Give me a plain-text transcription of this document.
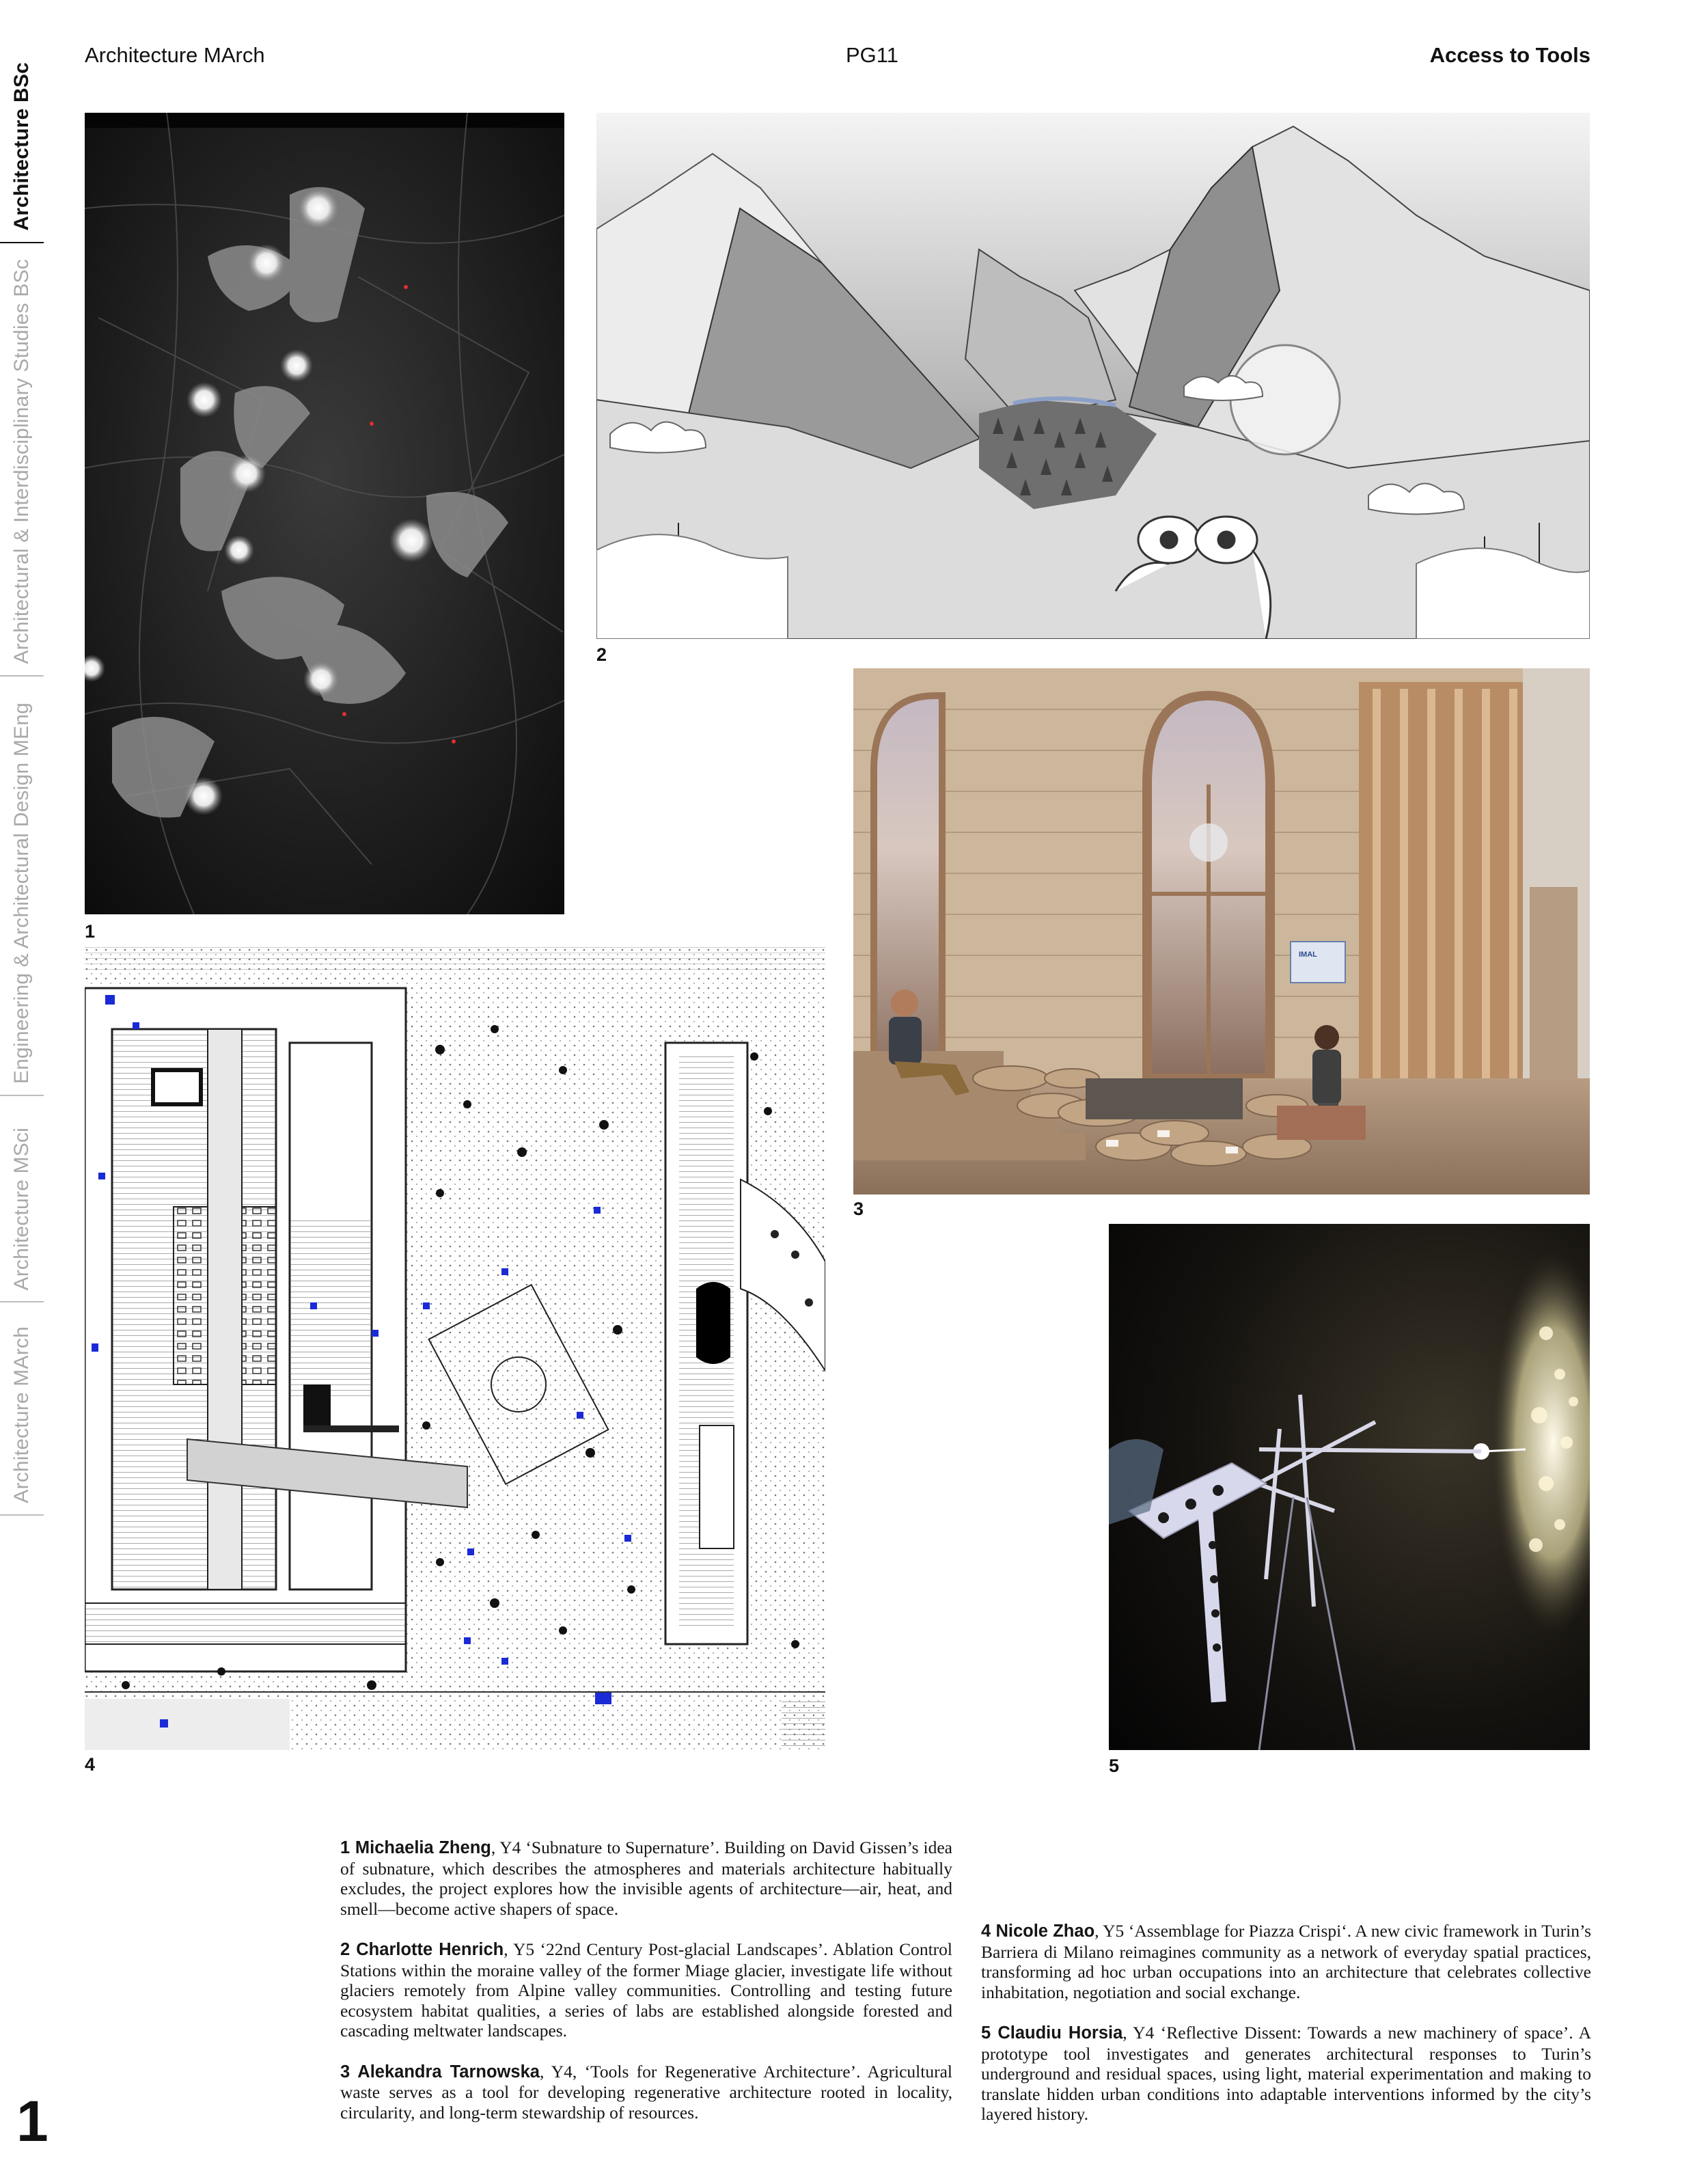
Architecture MArch	PG11	Access to Tools
Architecture BSc
Architectural & Interdisciplinary Studies BSc
Engineering & Architectural Design MEng
Architecture MSci
Architecture MArch
1
2
IMAL
3
4	5

1 Michaelia Zheng, Y4 ‘Subnature to Supernature’. Building on David Gissen’s idea of subnature, which describes the atmospheres and materials architecture habitually excludes, the project explores how the invisible agents of architecture—air, heat, and smell—become active shapers of space.

2 Charlotte Henrich, Y5 ‘22nd Century Post-glacial Landscapes’. Ablation Control Stations within the moraine valley of the former Miage glacier, investigate life without glaciers remotely from Alpine valley communities. Controlling and testing future ecosystem habitat qualities, a series of labs are established alongside forested and cascading meltwater landscapes.

3 Alekandra Tarnowska, Y4, ‘Tools for Regenerative Architecture’. Agricultural waste serves as a tool for developing regenerative architecture rooted in locality, circularity, and long-term stewardship of resources.

4 Nicole Zhao, Y5 ‘Assemblage for Piazza Crispi‘. A new civic framework in Turin’s Barriera di Milano reimagines community as a network of everyday spatial practices, transforming ad hoc urban occupations into an architecture that celebrates collective inhabitation, negotiation and social exchange.

5 Claudiu Horsia, Y4 ‘Reflective Dissent: Towards a new machinery of space’. A prototype tool investigates and generates architectural responses to Turin’s underground and residual spaces, using light, material experimentation and making to translate hidden urban conditions into adaptable interventions informed by the city’s layered history.

1
